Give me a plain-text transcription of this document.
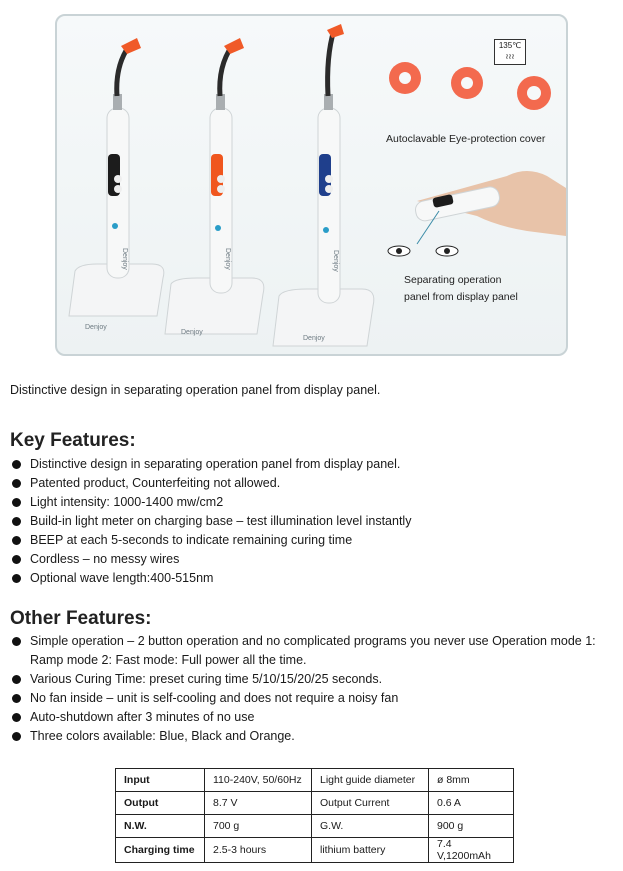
Denjoy	Denjoy	Denjoy
Denjoy
Denjoy
Denjoy
135℃
≀≀≀
Autoclavable Eye-protection cover
Separating operation
panel from display panel
Distinctive design in separating operation panel from display panel.
Key Features:
Distinctive design in separating operation panel from display panel.
Patented product, Counterfeiting not allowed.
Light intensity: 1000-1400 mw/cm2
Build-in light meter on charging base – test illumination level instantly
BEEP at each 5-seconds to indicate remaining curing time
Cordless – no messy wires
Optional wave length:400-515nm
Other Features:
Simple operation – 2 button operation and no complicated programs you never use Operation mode 1: Ramp mode 2: Fast mode: Full power all the time.
Various Curing Time: preset curing time 5/10/15/20/25 seconds.
No fan inside – unit is self-cooling and does not require a noisy fan
Auto-shutdown after 3 minutes of no use
Three colors available: Blue, Black and Orange.
Input	110-240V, 50/60Hz	Light guide diameter	ø 8mm
Output	8.7 V	Output Current	0.6 A
N.W.	700 g	G.W.	900 g
Charging time	2.5-3 hours	lithium battery	7.4 V,1200mAh
